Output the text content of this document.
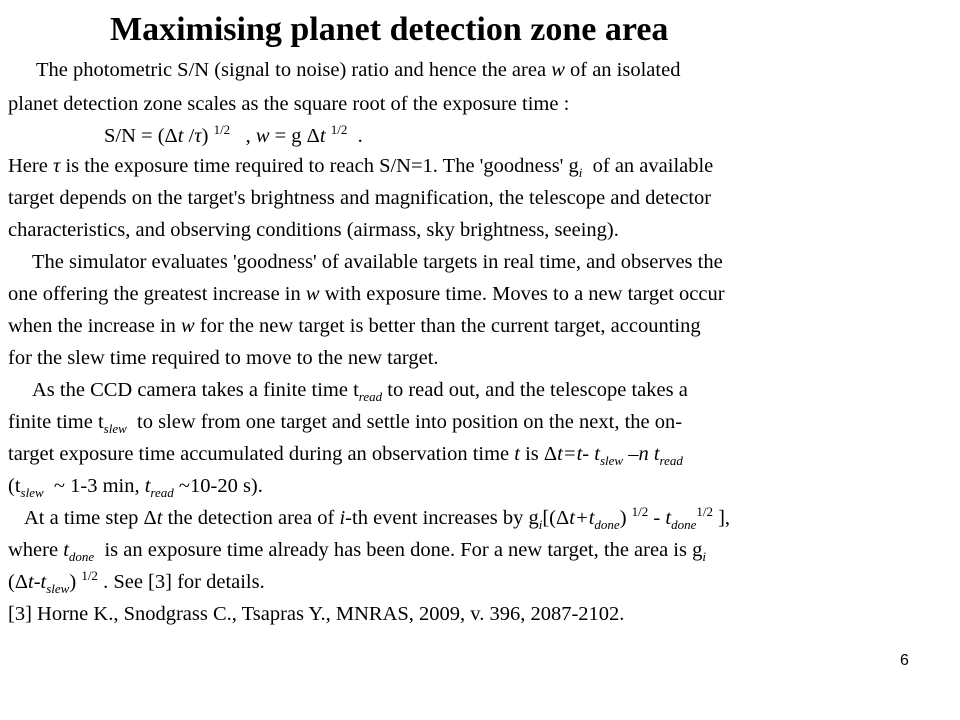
Maximising planet detection zone area
The photometric S/N (signal to noise) ratio and hence the area w of an isolated
planet detection zone scales as the square root of the exposure time :
S/N = (Δt /τ) $^{1/2}$ , w = g Δt $^{1/2}$ .
Here τ is the exposure time required to reach S/N=1. The 'goodness' $g_i$ of an available
target depends on the target's brightness and magnification, the telescope and detector
characteristics, and observing conditions (airmass, sky brightness, seeing).
The simulator evaluates 'goodness' of available targets in real time, and observes the
one offering the greatest increase in w with exposure time. Moves to a new target occur
when the increase in w for the new target is better than the current target, accounting
for the slew time required to move to the new target.
As the CCD camera takes a finite time $t_{read}$ to read out, and the telescope takes a
finite time $t_{slew}$ to slew from one target and settle into position on the next, the on-
target exposure time accumulated during an observation time t is Δt=t- $t_{slew}$ –n $t_{read}$
($t_{slew}$ ~ 1-3 min, $t_{read}$ ~10-20 s).
At a time step Δt the detection area of i-th event increases by $g_i[(\Delta t+t_{done})$ $^{1/2} - t_{done}^{1/2}$ ],
where $t_{done}$ is an exposure time already has been done. For a new target, the area is $g_i$
$(\Delta t-t_{slew})$ $^{1/2}$ . See [3] for details.
[3] Horne K., Snodgrass C., Tsapras Y., MNRAS, 2009, v. 396, 2087-2102.
6
